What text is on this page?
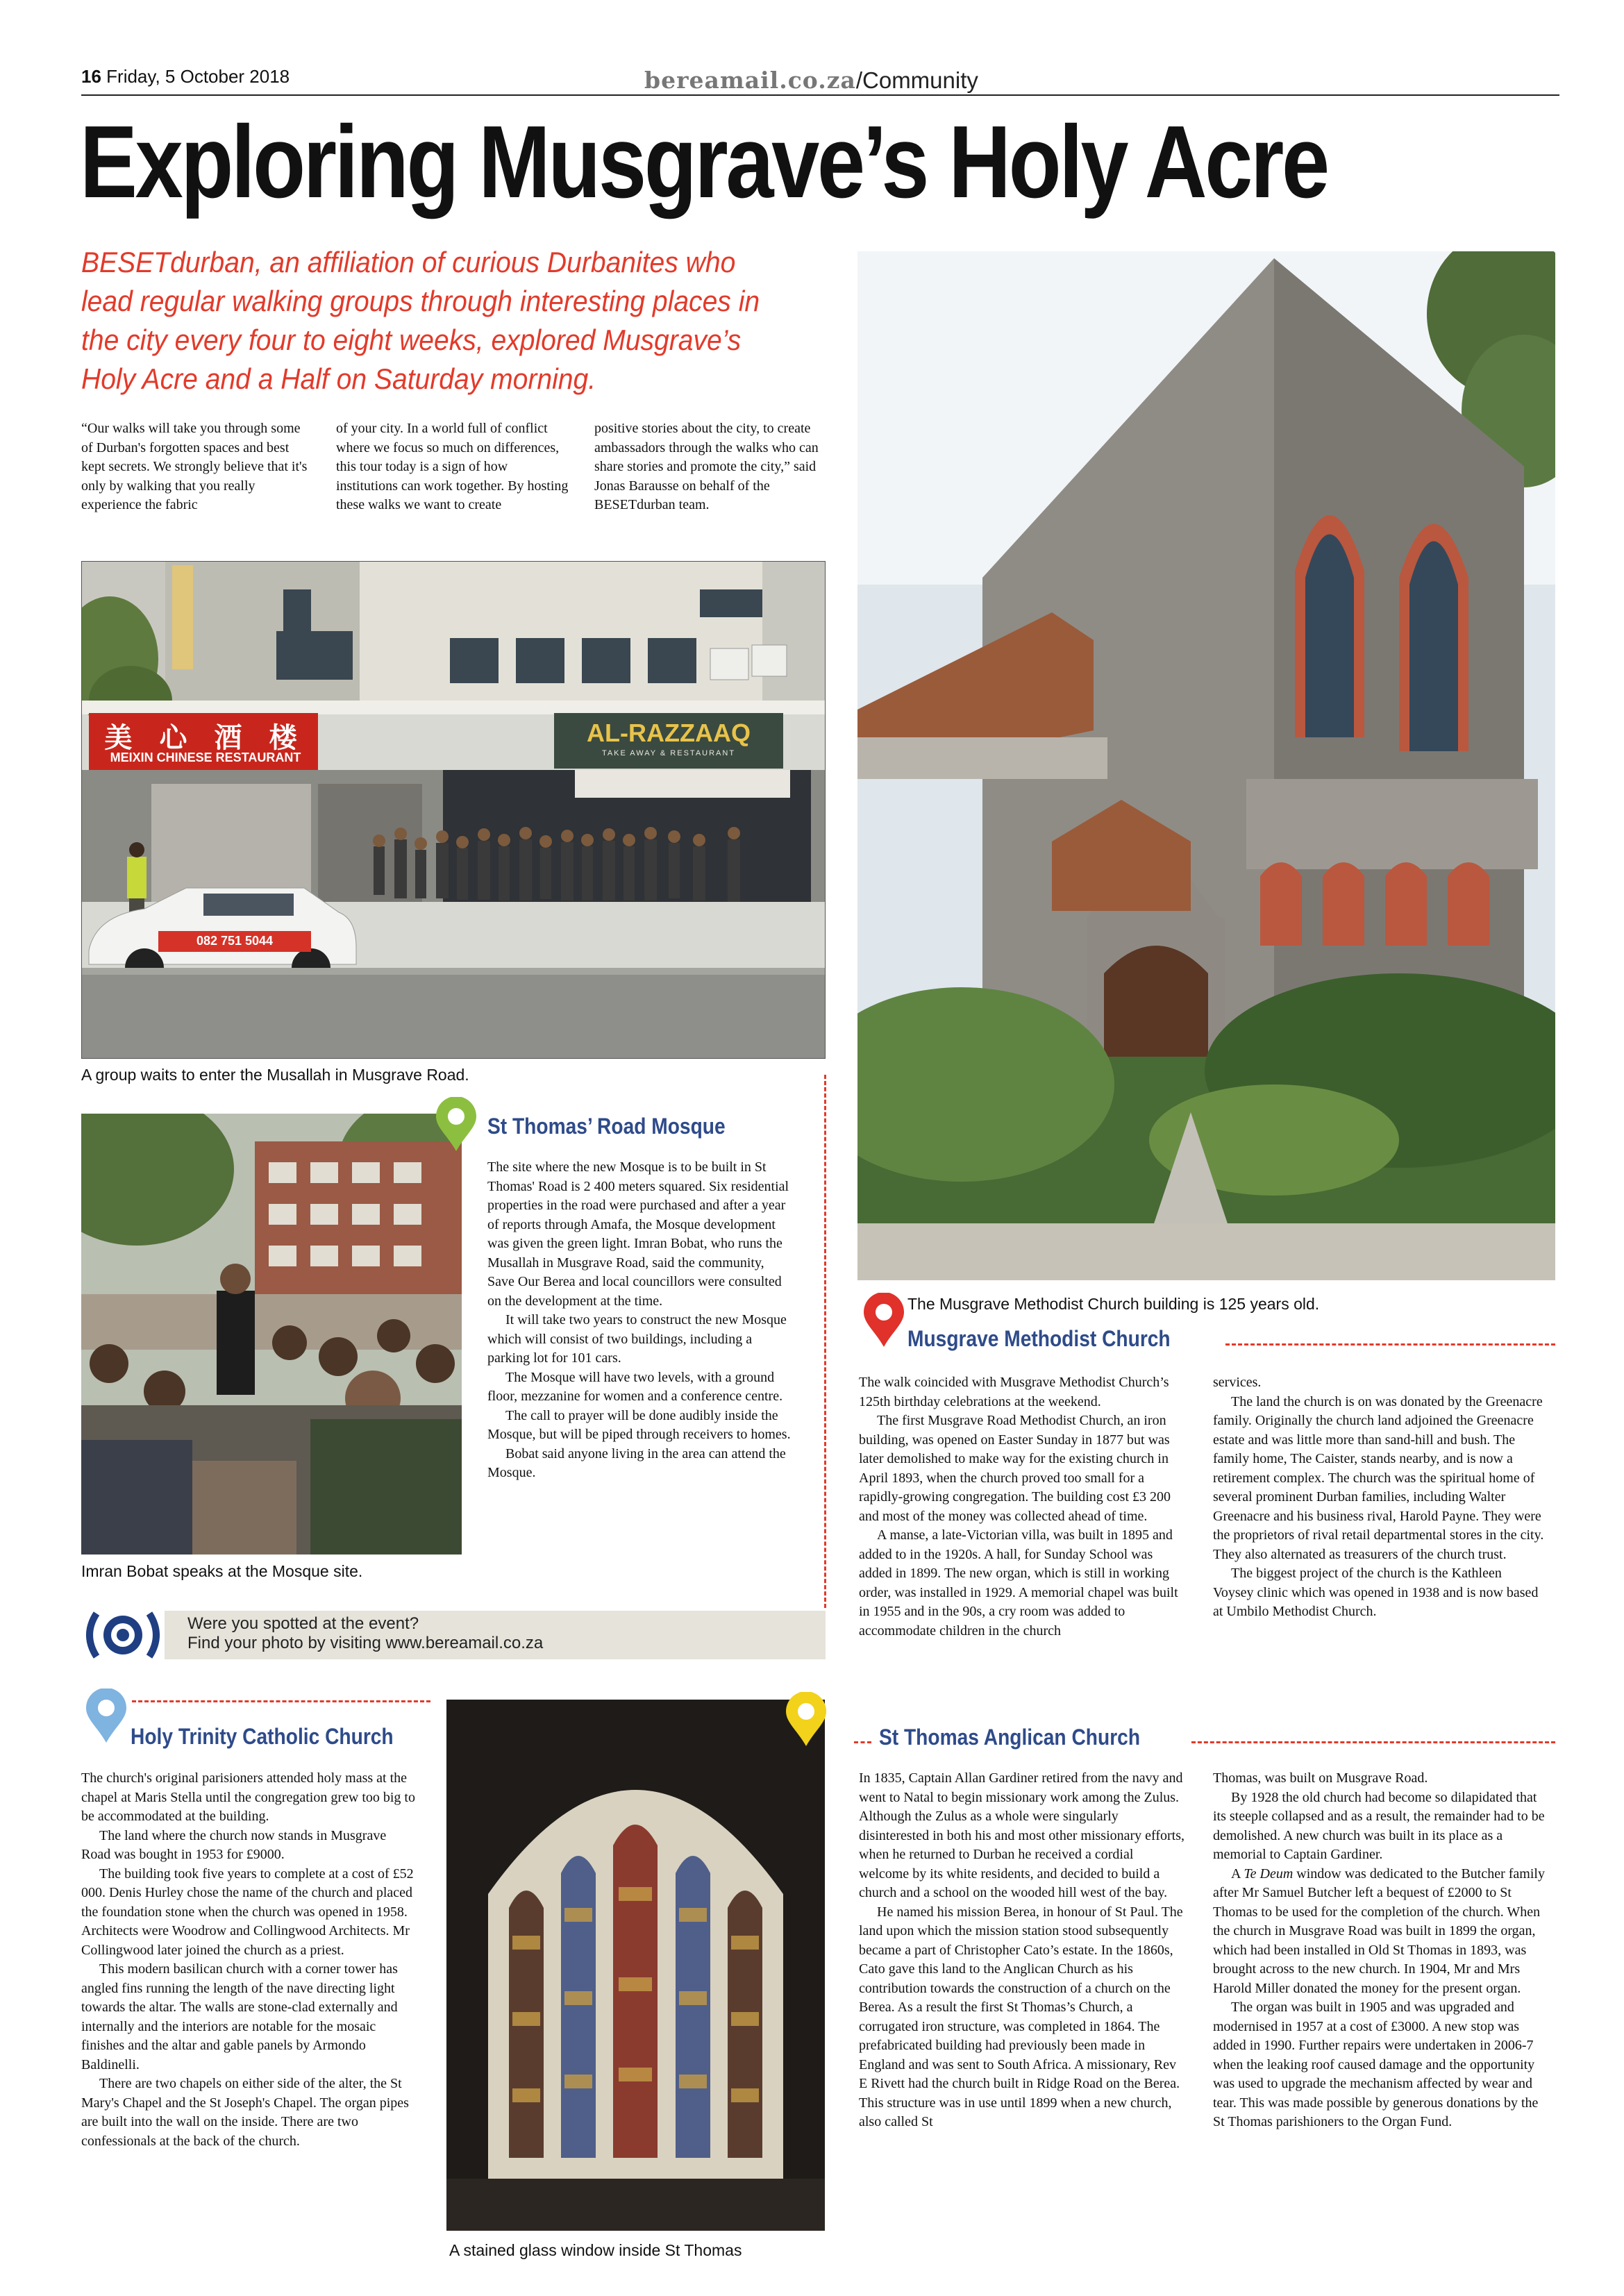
16 Friday, 5 October 2018	bereamail.co.za/Community
Exploring Musgrave’s Holy Acre
BESETdurban, an affiliation of curious Durbanites who lead regular walking groups through interesting places in the city every four to eight weeks, explored Musgrave’s Holy Acre and a Half on Saturday morning.

“Our walks will take you through some of Durban's forgotten spaces and best kept secrets. We strongly believe that it's only by walking that you really experience the fabric

of your city. In a world full of conflict where we focus so much on differences, this tour today is a sign of how institutions can work together. By hosting these walks we want to create

positive stories about the city, to create ambassadors through the walks who can share stories and promote the city,” said Jonas Barausse on behalf of the BESETdurban team.

美 心 酒 楼
MEIXIN CHINESE RESTAURANT
AL-RAZZAAQ
TAKE AWAY & RESTAURANT
082 751 5044
A group waits to enter the Musallah in Musgrave Road.
The Musgrave Methodist Church building is 125 years old.
Imran Bobat speaks at the Mosque site.
St Thomas’ Road Mosque

The site where the new Mosque is to be built in St Thomas' Road is 2 400 meters squared. Six residential properties in the road were purchased and after a year of reports through Amafa, the Mosque development was given the green light. Imran Bobat, who runs the Musallah in Musgrave Road, said the community, Save Our Berea and local councillors were consulted on the development at the time.

It will take two years to construct the new Mosque which will consist of two buildings, including a parking lot for 101 cars.

The Mosque will have two levels, with a ground floor, mezzanine for women and a conference centre.

The call to prayer will be done audibly inside the Mosque, but will be piped through receivers to homes.

Bobat said anyone living in the area can attend the Mosque.

Were you spotted at the event?
Find your photo by visiting www.bereamail.co.za
Musgrave Methodist Church

The walk coincided with Musgrave Methodist Church’s 125th birthday celebrations at the weekend.

The first Musgrave Road Methodist Church, an iron building, was opened on Easter Sunday in 1877 but was later demolished to make way for the existing church in April 1893, when the church proved too small for a rapidly-growing congregation. The building cost £3 200 and most of the money was collected ahead of time.

A manse, a late-Victorian villa, was built in 1895 and added to in the 1920s. A hall, for Sunday School was added in 1899. The new organ, which is still in working order, was installed in 1929. A memorial chapel was built in 1955 and in the 90s, a cry room was added to accommodate children in the church

services.

The land the church is on was donated by the Greenacre family. Originally the church land adjoined the Greenacre estate and was little more than sand-hill and bush. The family home, The Caister, stands nearby, and is now a retirement complex. The church was the spiritual home of several prominent Durban families, including Walter Greenacre and his business rival, Harold Payne. They were the proprietors of rival retail departmental stores in the city. They also alternated as treasurers of the church trust.

The biggest project of the church is the Kathleen Voysey clinic which was opened in 1938 and is now based at Umbilo Methodist Church.

Holy Trinity Catholic Church

The church's original parisioners attended holy mass at the chapel at Maris Stella until the congregation grew too big to be accommodated at the building.

The land where the church now stands in Musgrave Road was bought in 1953 for £9000.

The building took five years to complete at a cost of £52 000. Denis Hurley chose the name of the church and placed the foundation stone when the church was opened in 1958. Architects were Woodrow and Collingwood Architects. Mr Collingwood later joined the church as a priest.

This modern basilican church with a corner tower has angled fins running the length of the nave directing light towards the altar. The walls are stone-clad externally and internally and the interiors are notable for the mosaic finishes and the altar and gable panels by Armondo Baldinelli.

There are two chapels on either side of the alter, the St Mary's Chapel and the St Joseph's Chapel. The organ pipes are built into the wall on the inside. There are two confessionals at the back of the church.

A stained glass window inside St Thomas
St Thomas Anglican Church

In 1835, Captain Allan Gardiner retired from the navy and went to Natal to begin missionary work among the Zulus. Although the Zulus as a whole were singularly disinterested in both his and most other missionary efforts, when he returned to Durban he received a cordial welcome by its white residents, and decided to build a church and a school on the wooded hill west of the bay.

He named his mission Berea, in honour of St Paul. The land upon which the mission station stood subsequently became a part of Christopher Cato’s estate. In the 1860s, Cato gave this land to the Anglican Church as his contribution towards the construction of a church on the Berea. As a result the first St Thomas’s Church, a corrugated iron structure, was completed in 1864. The prefabricated building had previously been made in England and was sent to South Africa. A missionary, Rev E Rivett had the church built in Ridge Road on the Berea. This structure was in use until 1899 when a new church, also called St

Thomas, was built on Musgrave Road.

By 1928 the old church had become so dilapidated that its steeple collapsed and as a result, the remainder had to be demolished. A new church was built in its place as a memorial to Captain Gardiner.

A Te Deum window was dedicated to the Butcher family after Mr Samuel Butcher left a bequest of £2000 to St Thomas to be used for the completion of the church. When the church in Musgrave Road was built in 1899 the organ, which had been installed in Old St Thomas in 1893, was brought across to the new church. In 1904, Mr and Mrs Harold Miller donated the money for the present organ.

The organ was built in 1905 and was upgraded and modernised in 1957 at a cost of £3000. A new stop was added in 1990. Further repairs were undertaken in 2006-7 when the leaking roof caused damage and the opportunity was used to upgrade the mechanism affected by wear and tear. This was made possible by generous donations by the St Thomas parishioners to the Organ Fund.
